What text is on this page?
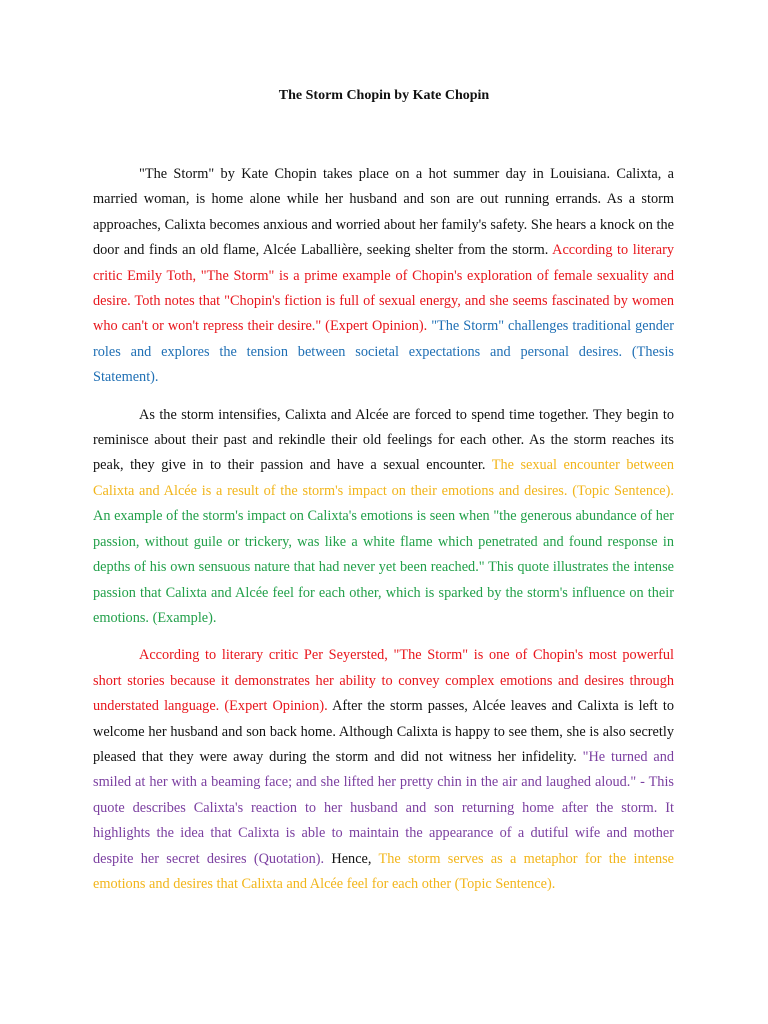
The Storm Chopin by Kate Chopin

"The Storm" by Kate Chopin takes place on a hot summer day in Louisiana. Calixta, a married woman, is home alone while her husband and son are out running errands. As a storm approaches, Calixta becomes anxious and worried about her family's safety. She hears a knock on the door and finds an old flame, Alcée Laballière, seeking shelter from the storm. According to literary critic Emily Toth, "The Storm" is a prime example of Chopin's exploration of female sexuality and desire. Toth notes that "Chopin's fiction is full of sexual energy, and she seems fascinated by women who can't or won't repress their desire." (Expert Opinion). "The Storm" challenges traditional gender roles and explores the tension between societal expectations and personal desires. (Thesis Statement).

As the storm intensifies, Calixta and Alcée are forced to spend time together. They begin to reminisce about their past and rekindle their old feelings for each other. As the storm reaches its peak, they give in to their passion and have a sexual encounter. The sexual encounter between Calixta and Alcée is a result of the storm's impact on their emotions and desires. (Topic Sentence). An example of the storm's impact on Calixta's emotions is seen when "the generous abundance of her passion, without guile or trickery, was like a white flame which penetrated and found response in depths of his own sensuous nature that had never yet been reached." This quote illustrates the intense passion that Calixta and Alcée feel for each other, which is sparked by the storm's influence on their emotions. (Example).

According to literary critic Per Seyersted, "The Storm" is one of Chopin's most powerful short stories because it demonstrates her ability to convey complex emotions and desires through understated language. (Expert Opinion). After the storm passes, Alcée leaves and Calixta is left to welcome her husband and son back home. Although Calixta is happy to see them, she is also secretly pleased that they were away during the storm and did not witness her infidelity. "He turned and smiled at her with a beaming face; and she lifted her pretty chin in the air and laughed aloud." - This quote describes Calixta's reaction to her husband and son returning home after the storm. It highlights the idea that Calixta is able to maintain the appearance of a dutiful wife and mother despite her secret desires (Quotation). Hence, The storm serves as a metaphor for the intense emotions and desires that Calixta and Alcée feel for each other (Topic Sentence).
